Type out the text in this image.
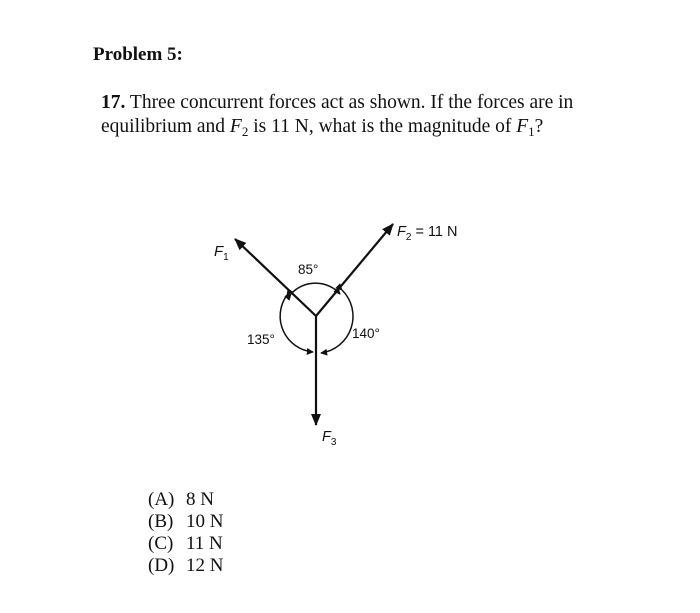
Problem 5:
17. Three concurrent forces act as shown. If the forces are in equilibrium and $F_2$ is 11 N, what is the magnitude of $F_1$?
$F_1$
$F_2 = 11$ N
$F_3$
85°
135°	140°
(A) 8 N
(B) 10 N
(C) 11 N
(D) 12 N
